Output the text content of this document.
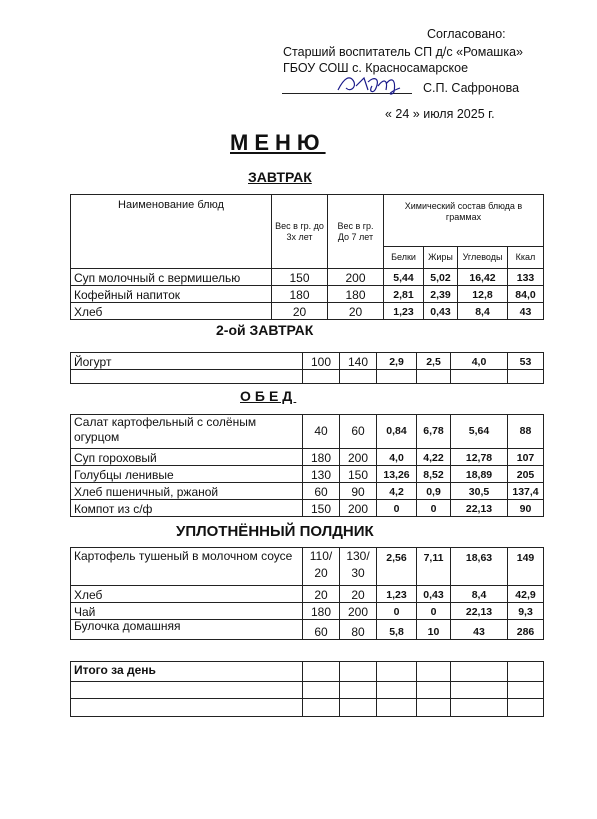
Согласовано:
Старший воспитатель СП д/с «Ромашка»
ГБОУ СОШ с. Красносамарское
С.П. Сафронова
« 24 » июля 2025 г.
МЕНЮ
ЗАВТРАК
Наименование блюд	Вес в гр. до 3х лет	Вес в гр. До 7 лет	Химический состав блюда в граммах			
			Белки	Жиры	Углеводы	Ккал
Суп молочный с вермишелью	150	200	5,44	5,02	16,42	133
Кофейный напиток	180	180	2,81	2,39	12,8	84,0
Хлеб	20	20	1,23	0,43	8,4	43
2-ой ЗАВТРАК
Йогурт	100	140	2,9	2,5	4,0	53

ОБЕД
Салат картофельный с солёным огурцом	40	60	0,84	6,78	5,64	88
Суп гороховый	180	200	4,0	4,22	12,78	107
Голубцы ленивые	130	150	13,26	8,52	18,89	205
Хлеб пшеничный, ржаной	60	90	4,2	0,9	30,5	137,4
Компот из с/ф	150	200	0	0	22,13	90
УПЛОТНЁННЫЙ ПОЛДНИК
Картофель тушеный в молочном соусе	110/ 20	130/ 30	2,56	7,11	18,63	149
Хлеб	20	20	1,23	0,43	8,4	42,9
Чай	180	200	0	0	22,13	9,3
Булочка домашняя	60	80	5,8	10	43	286
Итого за день						
